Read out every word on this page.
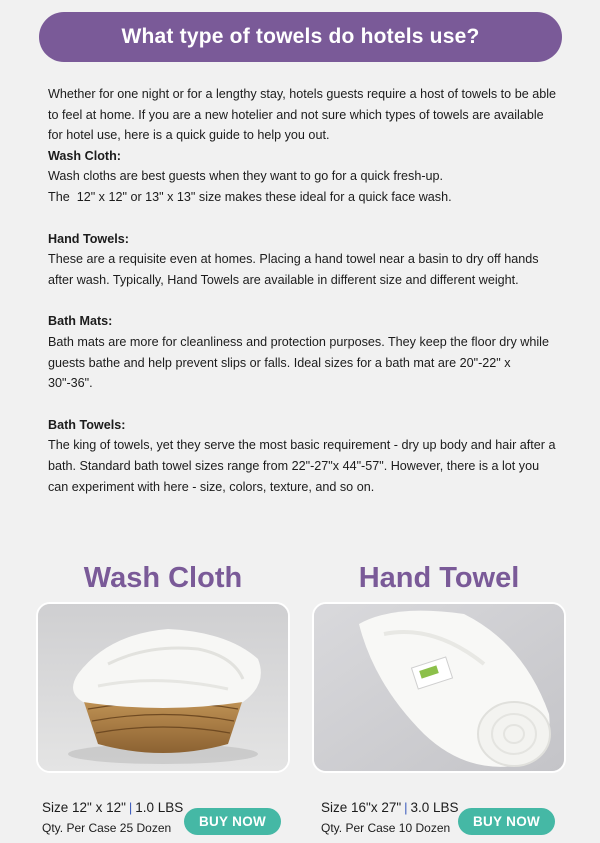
What type of towels do hotels use?

Whether for one night or for a lengthy stay, hotels guests require a host of towels to be able to feel at home. If you are a new hotelier and not sure which types of towels are available for hotel use, here is a quick guide to help you out.

Wash Cloth:

Wash cloths are best guests when they want to go for a quick fresh-up.

The  12" x 12" or 13" x 13" size makes these ideal for a quick face wash.

Hand Towels:

These are a requisite even at homes. Placing a hand towel near a basin to dry off hands after wash. Typically, Hand Towels are available in different size and different weight.

Bath Mats:

Bath mats are more for cleanliness and protection purposes. They keep the floor dry while guests bathe and help prevent slips or falls. Ideal sizes for a bath mat are 20"-22" x 30"-36".

Bath Towels:

The king of towels, yet they serve the most basic requirement - dry up body and hair after a bath. Standard bath towel sizes range from 22"-27"x 44"-57". However, there is a lot you can experiment with here - size, colors, texture, and so on.

Wash Cloth
Size 12" x 12" | 1.0 LBS
Qty. Per Case 25 Dozen	BUY NOW
Hand Towel
Size 16"x 27" | 3.0 LBS
Qty. Per Case 10 Dozen	BUY NOW
